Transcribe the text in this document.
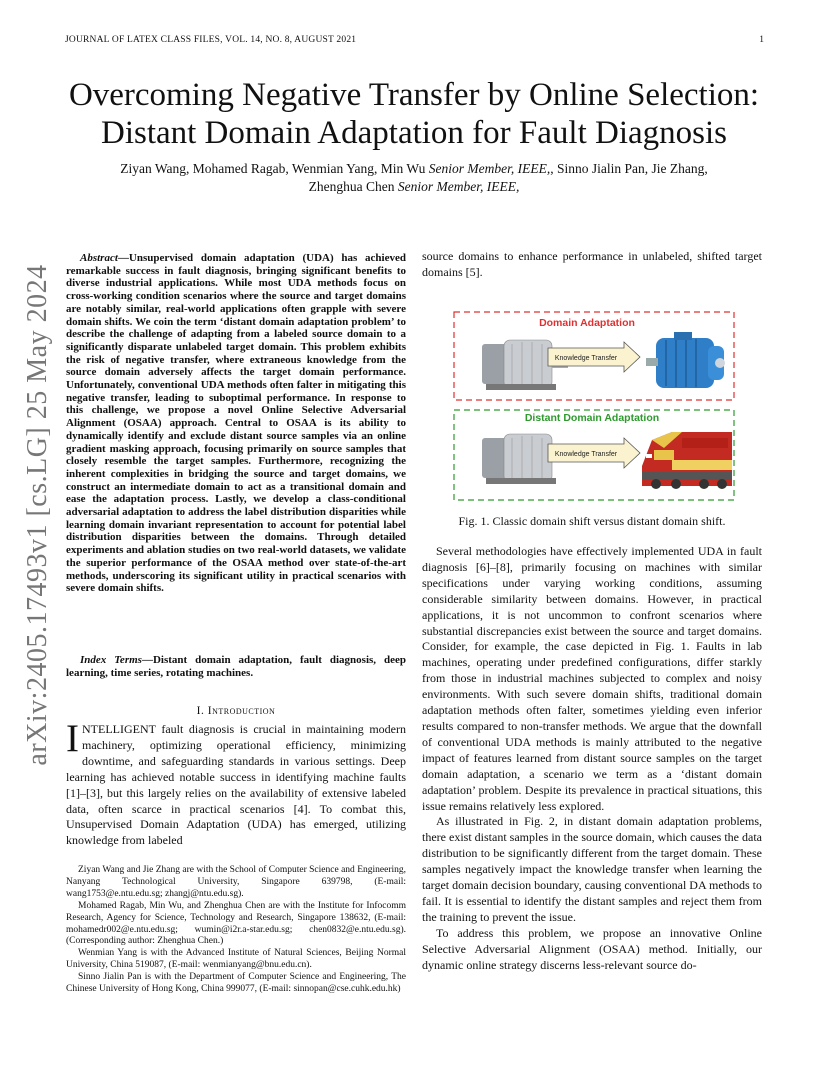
JOURNAL OF LATEX CLASS FILES, VOL. 14, NO. 8, AUGUST 2021	1
arXiv:2405.17493v1 [cs.LG] 25 May 2024
Overcoming Negative Transfer by Online Selection:
Distant Domain Adaptation for Fault Diagnosis
Ziyan Wang, Mohamed Ragab, Wenmian Yang, Min Wu Senior Member, IEEE,, Sinno Jialin Pan, Jie Zhang,
Zhenghua Chen Senior Member, IEEE,
Abstract—Unsupervised domain adaptation (UDA) has achieved remarkable success in fault diagnosis, bringing significant benefits to diverse industrial applications. While most UDA methods focus on cross-working condition scenarios where the source and target domains are notably similar, real-world applications often grapple with severe domain shifts. We coin the term ‘distant domain adaptation problem’ to describe the challenge of adapting from a labeled source domain to a significantly disparate unlabeled target domain. This problem exhibits the risk of negative transfer, where extraneous knowledge from the source domain adversely affects the target domain performance. Unfortunately, conventional UDA methods often falter in mitigating this negative transfer, leading to suboptimal performance. In response to this challenge, we propose a novel Online Selective Adversarial Alignment (OSAA) approach. Central to OSAA is its ability to dynamically identify and exclude distant source samples via an online gradient masking approach, focusing primarily on source samples that closely resemble the target samples. Furthermore, recognizing the inherent complexities in bridging the source and target domains, we construct an intermediate domain to act as a transitional domain and ease the adaptation process. Lastly, we develop a class-conditional adversarial adaptation to address the label distribution disparities while learning domain invariant representation to account for potential label distribution disparities between the domains. Through detailed experiments and ablation studies on two real-world datasets, we validate the superior performance of the OSAA method over state-of-the-art methods, underscoring its significant utility in practical scenarios with severe domain shifts.
Index Terms—Distant domain adaptation, fault diagnosis, deep learning, time series, rotating machines.
I. Introduction

INTELLIGENT fault diagnosis is crucial in maintaining modern machinery, optimizing operational efficiency, minimizing downtime, and safeguarding standards in various settings. Deep learning has achieved notable success in identifying machine faults [1]–[3], but this largely relies on the availability of extensive labeled data, often scarce in practical scenarios [4]. To combat this, Unsupervised Domain Adaptation (UDA) has emerged, utilizing knowledge from labeled

Ziyan Wang and Jie Zhang are with the School of Computer Science and Engineering, Nanyang Technological University, Singapore 639798, (E-mail: wang1753@e.ntu.edu.sg; zhangj@ntu.edu.sg).

Mohamed Ragab, Min Wu, and Zhenghua Chen are with the Institute for Infocomm Research, Agency for Science, Technology and Research, Singapore 138632, (E-mail: mohamedr002@e.ntu.edu.sg; wumin@i2r.a-star.edu.sg; chen0832@e.ntu.edu.sg). (Corresponding author: Zhenghua Chen.)

Wenmian Yang is with the Advanced Institute of Natural Sciences, Beijing Normal University, China 519087, (E-mail: wenmianyang@bnu.edu.cn).

Sinno Jialin Pan is with the Department of Computer Science and Engineering, The Chinese University of Hong Kong, China 999077, (E-mail: sinnopan@cse.cuhk.edu.hk)

source domains to enhance performance in unlabeled, shifted target domains [5].
Domain Adaptation
Knowledge Transfer
Distant Domain Adaptation
Knowledge Transfer
Fig. 1. Classic domain shift versus distant domain shift.

Several methodologies have effectively implemented UDA in fault diagnosis [6]–[8], primarily focusing on machines with similar specifications under varying working conditions, assuming considerable similarity between domains. However, in practical applications, it is not uncommon to confront scenarios where substantial discrepancies exist between the source and target domains. Consider, for example, the case depicted in Fig. 1. Faults in lab machines, operating under predefined configurations, differ starkly from those in industrial machines subjected to complex and noisy environments. With such severe domain shifts, traditional domain adaptation methods often falter, sometimes yielding even inferior results compared to non-transfer methods. We argue that the downfall of conventional UDA methods is mainly attributed to the negative impact of features learned from distant source samples on the target domain adaptation, a scenario we term as a ‘distant domain adaptation’ problem. Despite its prevalence in practical situations, this issue remains relatively less explored.

As illustrated in Fig. 2, in distant domain adaptation problems, there exist distant samples in the source domain, which causes the data distribution to be significantly different from the target domain. These samples negatively impact the knowledge transfer when learning the target domain decision boundary, causing conventional DA methods to fail. It is essential to identify the distant samples and reject them from the training to prevent the issue.

To address this problem, we propose an innovative Online Selective Adversarial Alignment (OSAA) method. Initially, our dynamic online strategy discerns less-relevant source do-
